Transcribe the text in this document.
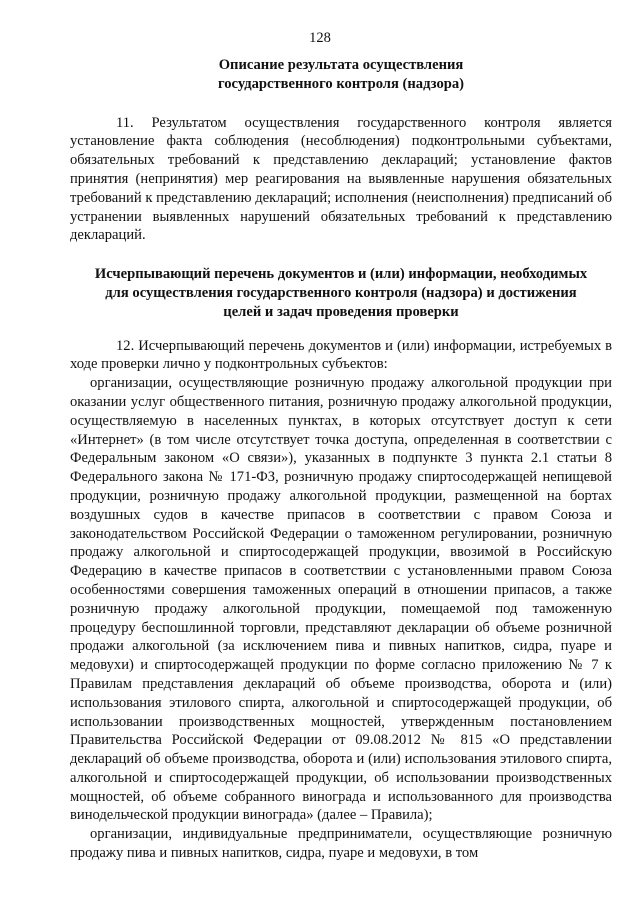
128

Описание результата осуществления
государственного контроля (надзора)

11. Результатом осуществления государственного контроля является установление факта соблюдения (несоблюдения) подконтрольными субъектами, обязательных требований к представлению деклараций; установление фактов принятия (непринятия) мер реагирования на выявленные нарушения обязательных требований к представлению деклараций; исполнения (неисполнения) предписаний об устранении выявленных нарушений обязательных требований к представлению деклараций.

Исчерпывающий перечень документов и (или) информации, необходимых
для осуществления государственного контроля (надзора) и достижения
целей и задач проведения проверки

12. Исчерпывающий перечень документов и (или) информации, истребуемых в ходе проверки лично у подконтрольных субъектов:

организации, осуществляющие розничную продажу алкогольной продукции при оказании услуг общественного питания, розничную продажу алкогольной продукции, осуществляемую в населенных пунктах, в которых отсутствует доступ к сети «Интернет» (в том числе отсутствует точка доступа, определенная в соответствии с Федеральным законом «О связи»), указанных в подпункте 3 пункта 2.1 статьи 8 Федерального закона № 171-ФЗ, розничную продажу спиртосодержащей непищевой продукции, розничную продажу алкогольной продукции, размещенной на бортах воздушных судов в качестве припасов в соответствии с правом Союза и законодательством Российской Федерации о таможенном регулировании, розничную продажу алкогольной и спиртосодержащей продукции, ввозимой в Российскую Федерацию в качестве припасов в соответствии с установленными правом Союза особенностями совершения таможенных операций в отношении припасов, а также розничную продажу алкогольной продукции, помещаемой под таможенную процедуру беспошлинной торговли, представляют декларации об объеме розничной продажи алкогольной (за исключением пива и пивных напитков, сидра, пуаре и медовухи) и спиртосодержащей продукции по форме согласно приложению № 7 к Правилам представления деклараций об объеме производства, оборота и (или) использования этилового спирта, алкогольной и спиртосодержащей продукции, об использовании производственных мощностей, утвержденным постановлением Правительства Российской Федерации от 09.08.2012 № 815 «О представлении деклараций об объеме производства, оборота и (или) использования этилового спирта, алкогольной и спиртосодержащей продукции, об использовании производственных мощностей, об объеме собранного винограда и использованного для производства винодельческой продукции винограда» (далее – Правила);

организации, индивидуальные предприниматели, осуществляющие розничную продажу пива и пивных напитков, сидра, пуаре и медовухи, в том
